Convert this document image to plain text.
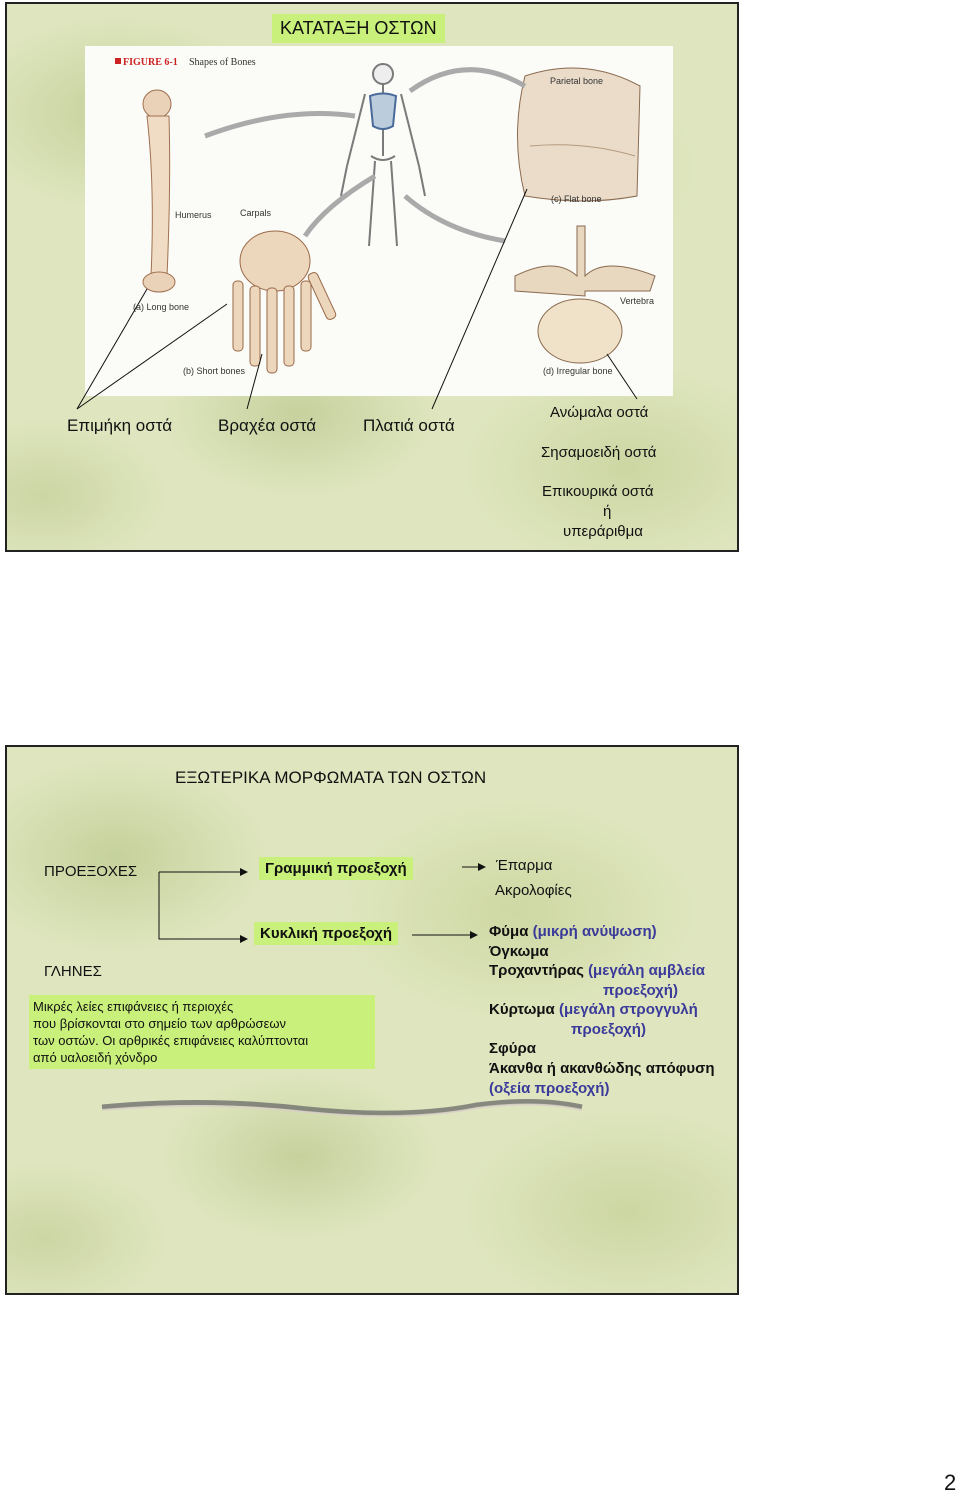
ΚΑΤΑΤΑΞΗ ΟΣΤΩΝ
FIGURE 6-1 Shapes of Bones
Humerus
(a) Long bone
Carpals
(b) Short bones
Parietal bone
(c) Flat bone
Vertebra
(d) Irregular bone
Επιμήκη οστά	Βραχέα οστά	Πλατιά οστά
Ανώμαλα οστά
Σησαμοειδή οστά
Επικουρικά οστά
ή
υπεράριθμα
ΕΞΩΤΕΡΙΚΑ ΜΟΡΦΩΜΑΤΑ ΤΩΝ ΟΣΤΩΝ
ΠΡΟΕΞΟΧΕΣ
ΓΛΗΝΕΣ
Γραμμική προεξοχή
Κυκλική προεξοχή
Έπαρμα
Ακρολοφίες
Φύμα (μικρή ανύψωση)
Όγκωμα
Τροχαντήρας (μεγάλη αμβλεία
προεξοχή)
Κύρτωμα (μεγάλη στρογγυλή
προεξοχή)
Σφύρα
Άκανθα ή ακανθώδης απόφυση
(οξεία προεξοχή)
Μικρές λείες επιφάνειες ή περιοχές
που βρίσκονται στο σημείο των αρθρώσεων
των οστών. Οι αρθρικές επιφάνειες καλύπτονται
από υαλοειδή χόνδρο
2
